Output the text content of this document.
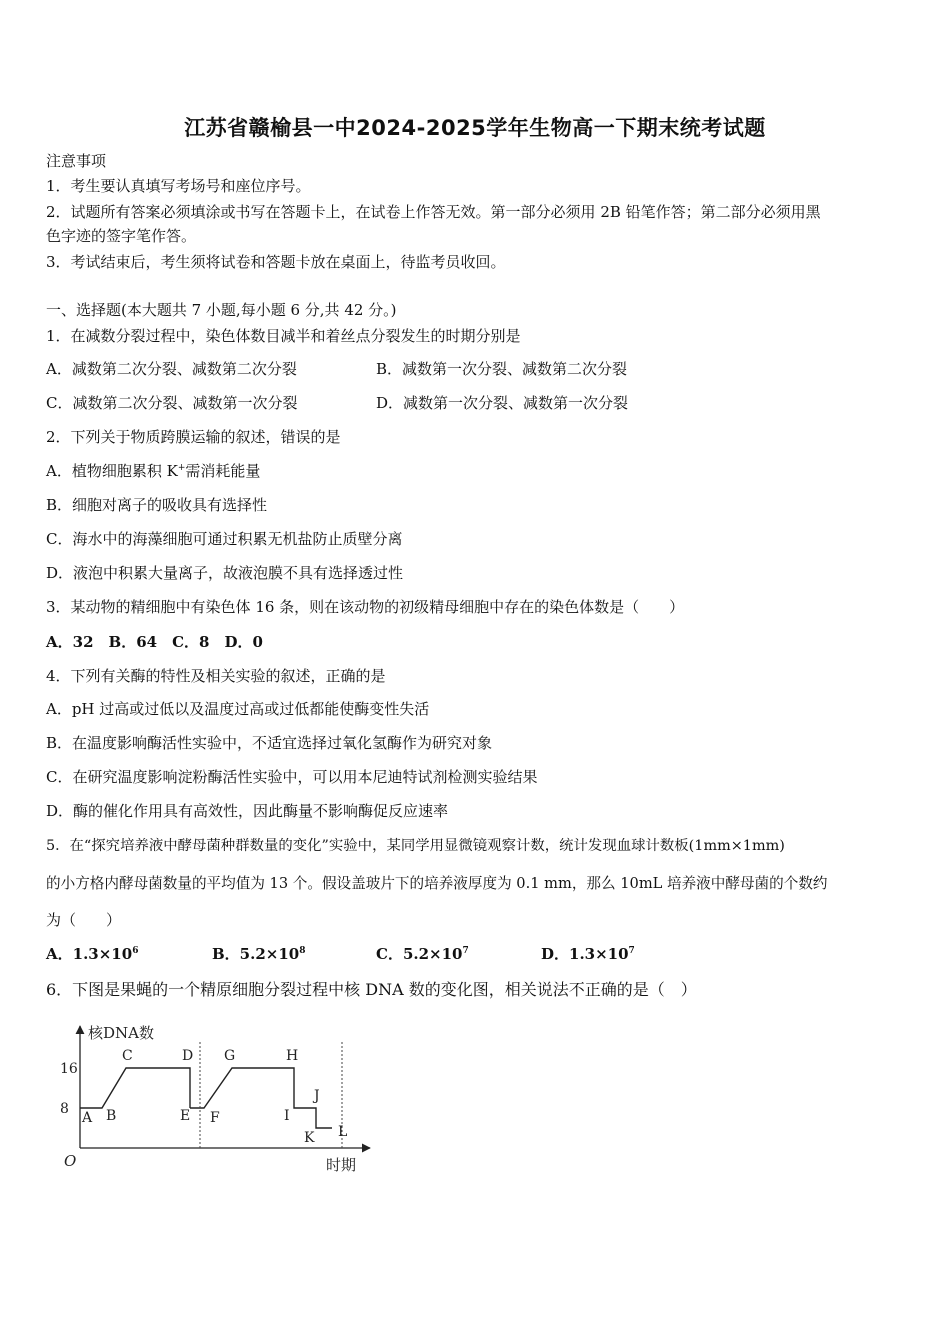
江苏省赣榆县一中2024-2025学年生物高一下期末统考试题
注意事项
1．考生要认真填写考场号和座位序号。
2．试题所有答案必须填涂或书写在答题卡上，在试卷上作答无效。第一部分必须用 2B 铅笔作答；第二部分必须用黑
色字迹的签字笔作答。
3．考试结束后，考生须将试卷和答题卡放在桌面上，待监考员收回。
一、选择题(本大题共 7 小题,每小题 6 分,共 42 分。)
1．在减数分裂过程中，染色体数目减半和着丝点分裂发生的时期分别是
A．减数第二次分裂、减数第二次分裂	B．减数第一次分裂、减数第二次分裂
C．减数第二次分裂、减数第一次分裂	D．减数第一次分裂、减数第一次分裂
2．下列关于物质跨膜运输的叙述，错误的是
A．植物细胞累积 K+需消耗能量
B．细胞对离子的吸收具有选择性
C．海水中的海藻细胞可通过积累无机盐防止质壁分离
D．液泡中积累大量离子，故液泡膜不具有选择透过性
3．某动物的精细胞中有染色体 16 条，则在该动物的初级精母细胞中存在的染色体数是（　　）
A．32　B．64　C．8　D．0
4．下列有关酶的特性及相关实验的叙述，正确的是
A．pH 过高或过低以及温度过高或过低都能使酶变性失活
B．在温度影响酶活性实验中，不适宜选择过氧化氢酶作为研究对象
C．在研究温度影响淀粉酶活性实验中，可以用本尼迪特试剂检测实验结果
D．酶的催化作用具有高效性，因此酶量不影响酶促反应速率
5．在“探究培养液中酵母菌种群数量的变化”实验中，某同学用显微镜观察计数，统计发现血球计数板(1mm×1mm)
的小方格内酵母菌数量的平均值为 13 个。假设盖玻片下的培养液厚度为 0.1 mm，那么 10mL 培养液中酵母菌的个数约
为（　　）
A．$1.3\times 10^6$	B．$5.2\times 10^8$	C．$5.2\times 10^7$	D．$1.3\times 10^7$
6．下图是果蝇的一个精原细胞分裂过程中核 DNA 数的变化图，相关说法不正确的是（　）
核DNA数
时期
O
16
8
A B
C	D
E F
G	H
I
J
K L
